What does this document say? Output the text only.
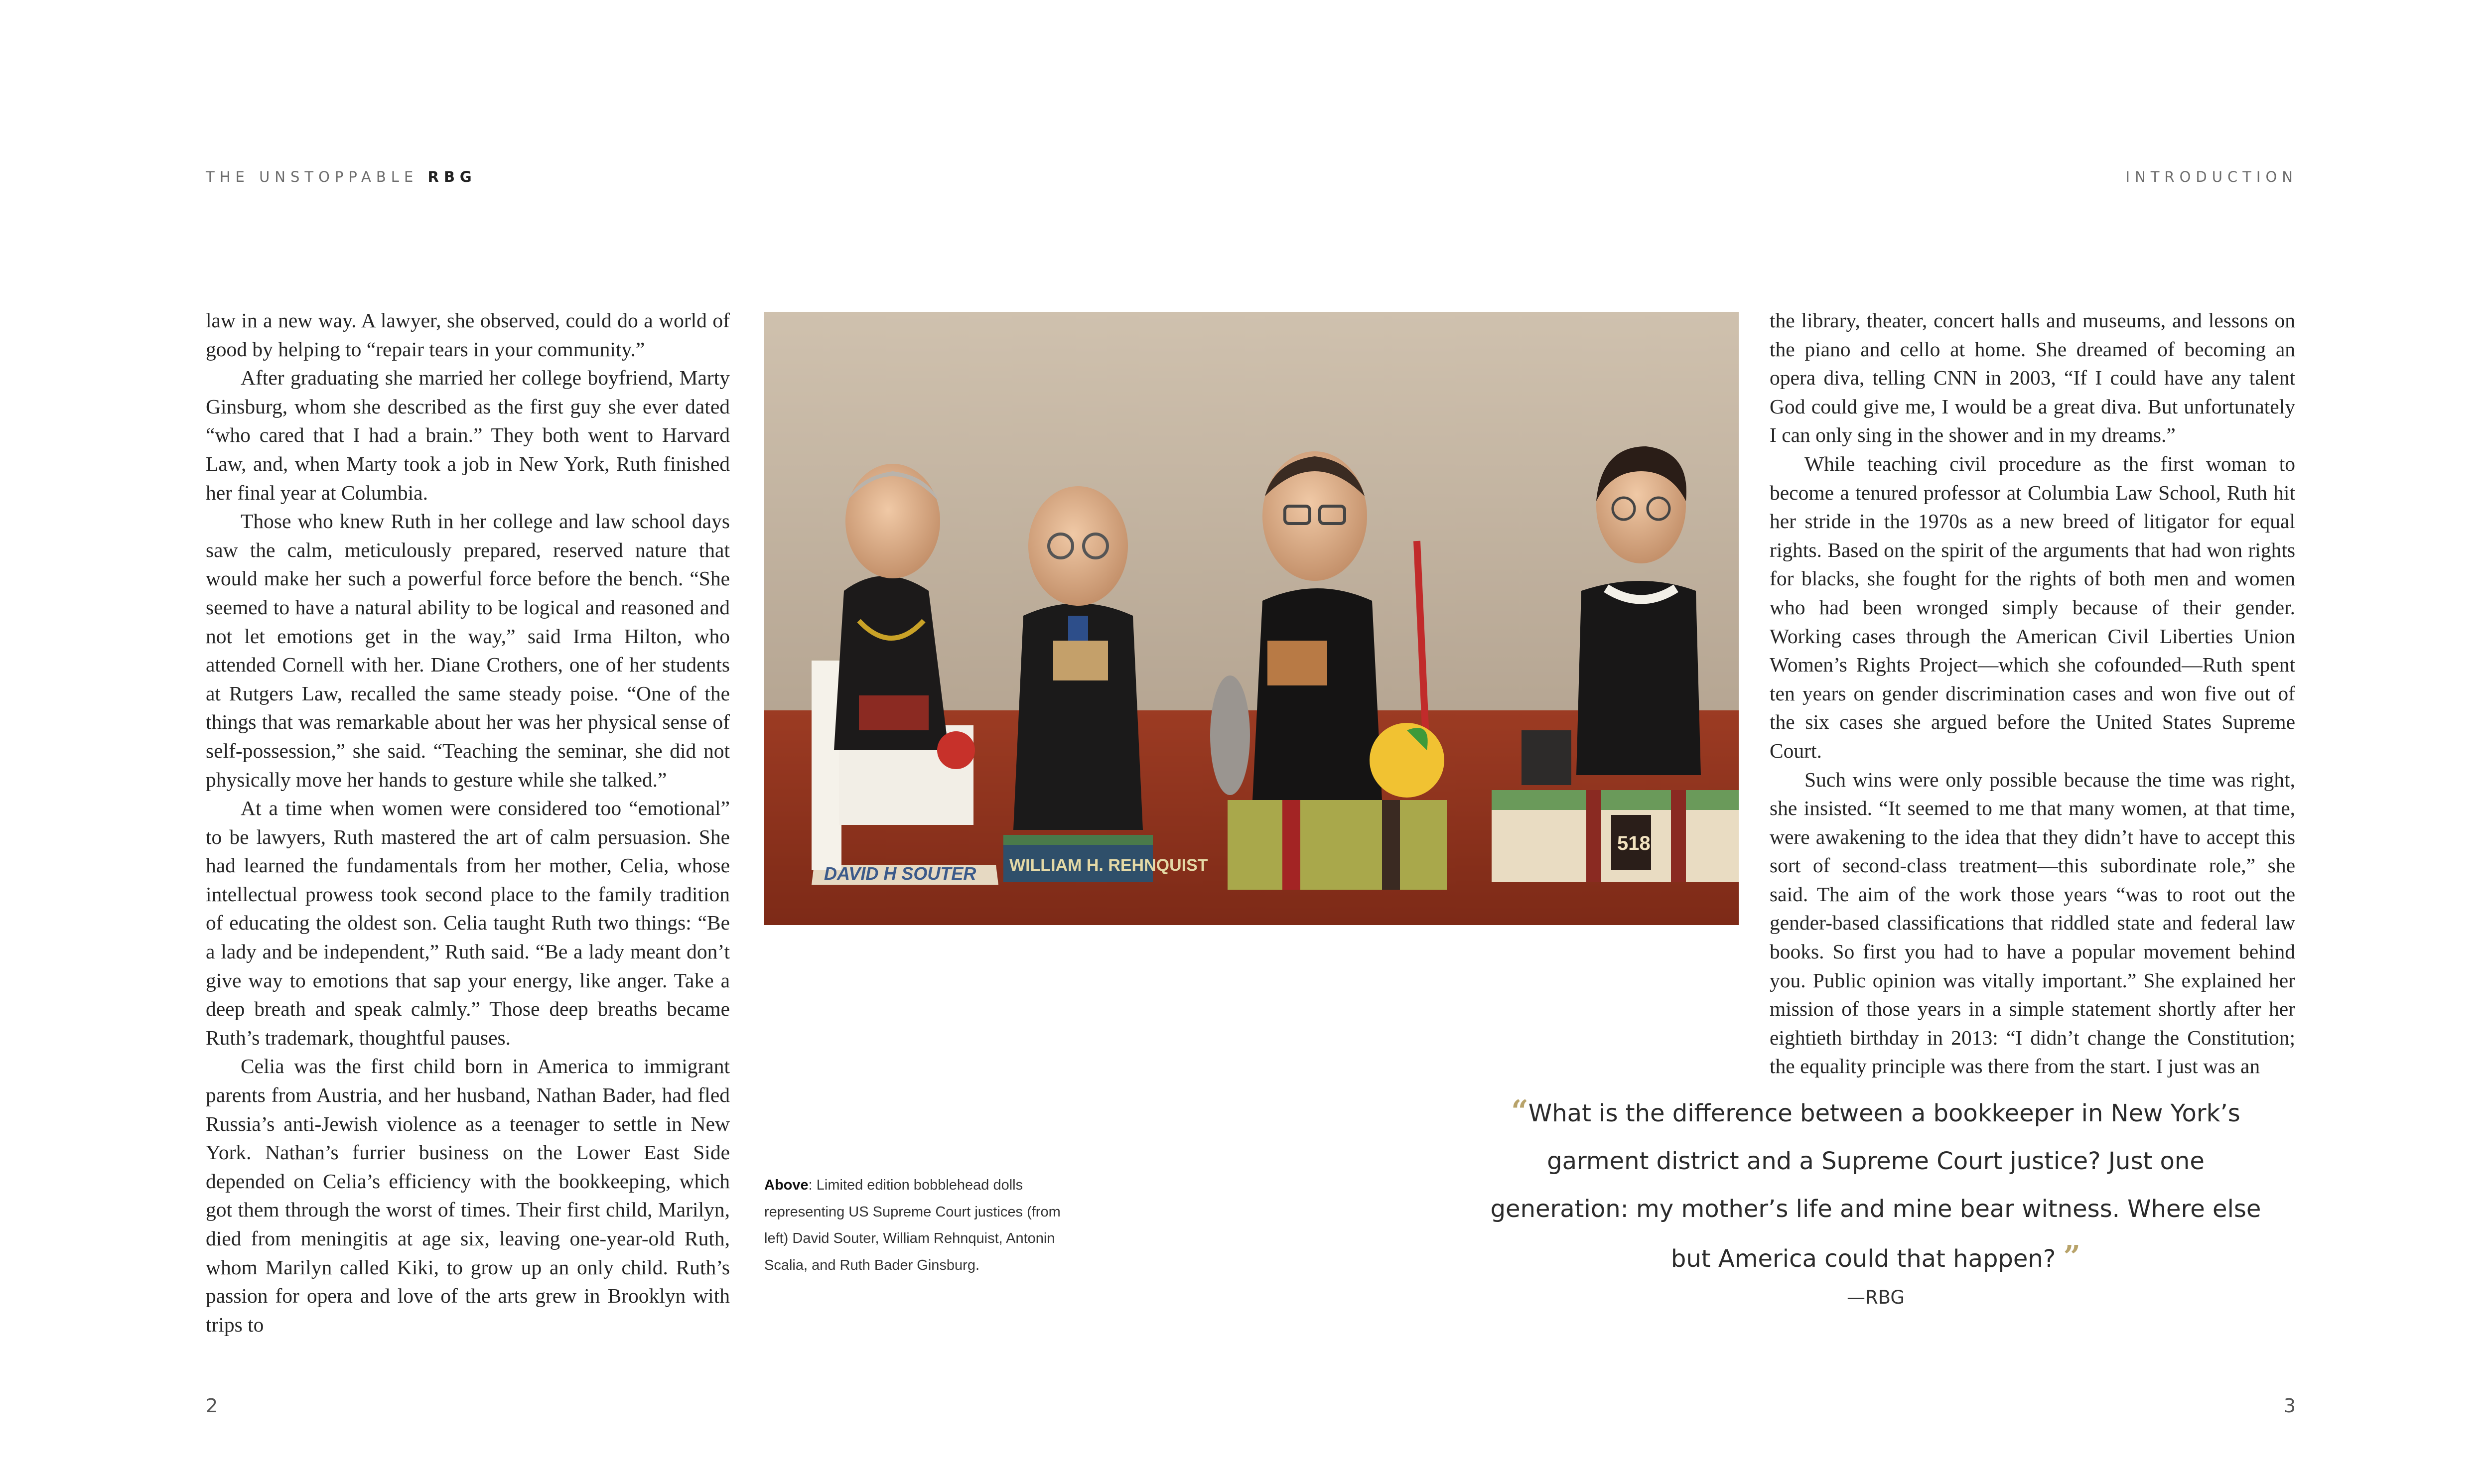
THE UNSTOPPABLE RBG	INTRODUCTION

law in a new way. A lawyer, she observed, could do a world of good by helping to “repair tears in your community.”

After graduating she married her college boyfriend, Marty Ginsburg, whom she described as the first guy she ever dated “who cared that I had a brain.” They both went to Harvard Law, and, when Marty took a job in New York, Ruth finished her final year at Columbia.

Those who knew Ruth in her college and law school days saw the calm, meticulously prepared, reserved nature that would make her such a powerful force before the bench. “She seemed to have a natural ability to be logical and reasoned and not let emotions get in the way,” said Irma Hilton, who attended Cornell with her. Diane Crothers, one of her students at Rutgers Law, recalled the same steady poise. “One of the things that was remarkable about her was her physical sense of self-possession,” she said. “Teaching the seminar, she did not physically move her hands to gesture while she talked.”

At a time when women were considered too “emotional” to be lawyers, Ruth mastered the art of calm persuasion. She had learned the fundamentals from her mother, Celia, whose intellectual prowess took second place to the family tradition of educating the oldest son. Celia taught Ruth two things: “Be a lady and be independent,” Ruth said. “Be a lady meant don’t give way to emotions that sap your energy, like anger. Take a deep breath and speak calmly.” Those deep breaths became Ruth’s trademark, thoughtful pauses.

Celia was the first child born in America to immigrant parents from Austria, and her husband, Nathan Bader, had fled Russia’s anti-Jewish violence as a teenager to settle in New York. Nathan’s furrier business on the Lower East Side depended on Celia’s efficiency with the bookkeeping, which got them through the worst of times. Their first child, Marilyn, died from meningitis at age six, leaving one-year-old Ruth, whom Marilyn called Kiki, to grow up an only child. Ruth’s passion for opera and love of the arts grew in Brooklyn with trips to

DAVID H SOUTER WILLIAM H. REHNQUIST
518

the library, theater, concert halls and museums, and lessons on the piano and cello at home. She dreamed of becoming an opera diva, telling CNN in 2003, “If I could have any talent God could give me, I would be a great diva. But unfortunately I can only sing in the shower and in my dreams.”

While teaching civil procedure as the first woman to become a tenured professor at Columbia Law School, Ruth hit her stride in the 1970s as a new breed of litigator for equal rights. Based on the spirit of the arguments that had won rights for blacks, she fought for the rights of both men and women who had been wronged simply because of their gender. Working cases through the American Civil Liberties Union Women’s Rights Project—which she cofounded—Ruth spent ten years on gender discrimination cases and won five out of the six cases she argued before the United States Supreme Court.

Such wins were only possible because the time was right, she insisted. “It seemed to me that many women, at that time, were awakening to the idea that they didn’t have to accept this sort of second-class treatment—this subordinate role,” she said. The aim of the work those years “was to root out the gender-based classifications that riddled state and federal law books. So first you had to have a popular movement behind you. Public opinion was vitally important.” She explained her mission of those years in a simple statement shortly after her eightieth birthday in 2013: “I didn’t change the Constitution; the equality principle was there from the start. I just was an

Above: Limited edition bobblehead dolls representing US Supreme Court justices (from left) David Souter, William Rehnquist, Antonin Scalia, and Ruth Bader Ginsburg.
“What is the difference between a bookkeeper in New York’s garment district and a Supreme Court justice? Just one generation: my mother’s life and mine bear witness. Where else but America could that happen? ”
—RBG
2	3
